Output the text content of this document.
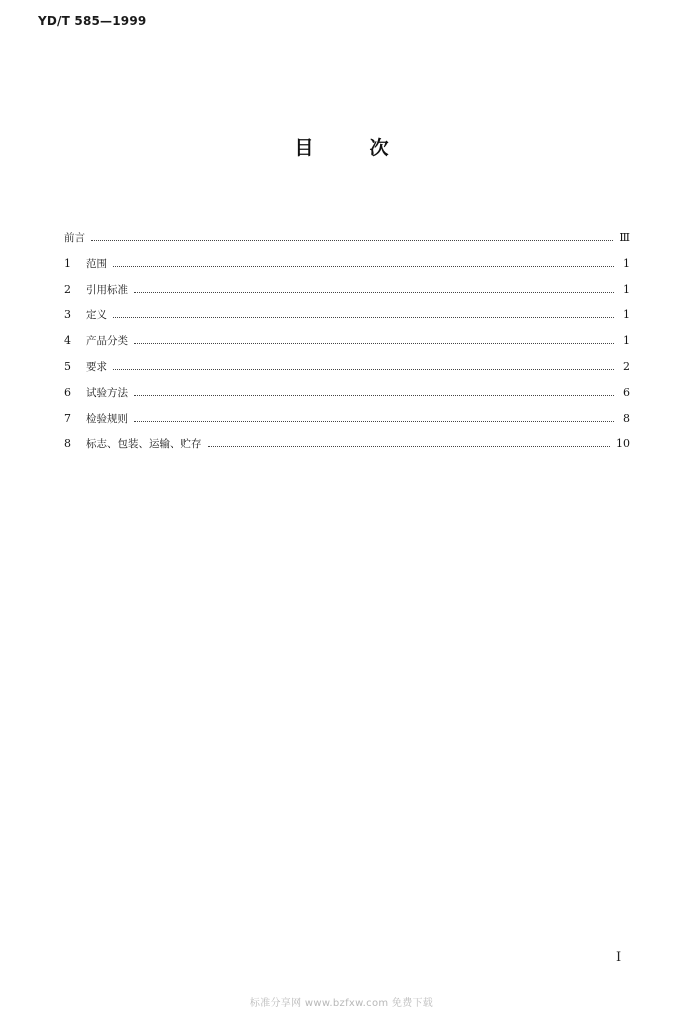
YD/T 585—1999
目	次
前言	Ⅲ
1	范围	1
2	引用标准	1
3	定义	1
4	产品分类	1
5	要求	2
6	试验方法	6
7	检验规则	8
8	标志、包装、运输、贮存	10
I
标准分享网 www.bzfxw.com 免费下载
